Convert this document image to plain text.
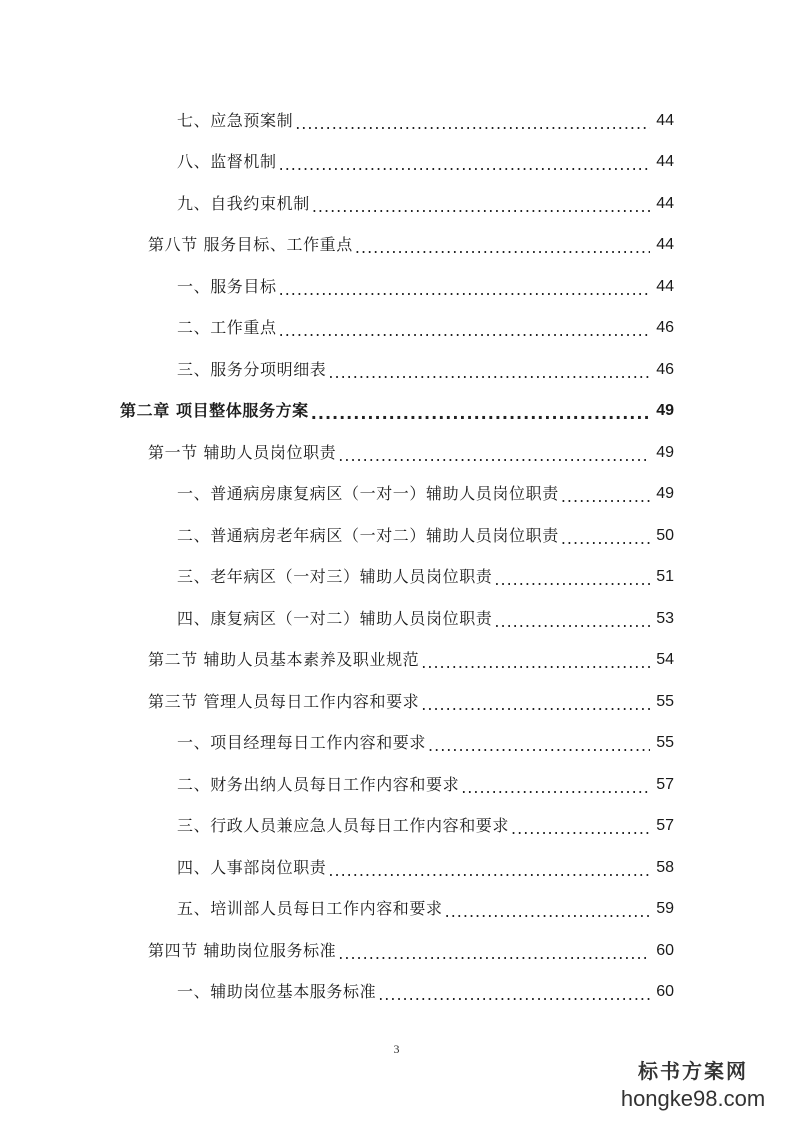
七、应急预案制 .....	44
八、监督机制 .....	44
九、自我约束机制 .....	44
第八节 服务目标、工作重点 .....	44
一、服务目标 .....	44
二、工作重点 .....	46
三、服务分项明细表 .....	46
第二章 项目整体服务方案 .....	49
第一节 辅助人员岗位职责 .....	49
一、普通病房康复病区（一对一）辅助人员岗位职责 .....	49
二、普通病房老年病区（一对二）辅助人员岗位职责 .....	50
三、老年病区（一对三）辅助人员岗位职责 .....	51
四、康复病区（一对二）辅助人员岗位职责 .....	53
第二节 辅助人员基本素养及职业规范 .....	54
第三节 管理人员每日工作内容和要求 .....	55
一、项目经理每日工作内容和要求 .....	55
二、财务出纳人员每日工作内容和要求 .....	57
三、行政人员兼应急人员每日工作内容和要求 .....	57
四、人事部岗位职责 .....	58
五、培训部人员每日工作内容和要求 .....	59
第四节 辅助岗位服务标准 .....	60
一、辅助岗位基本服务标准 .....	60
3
标书方案网
hongke98.com
